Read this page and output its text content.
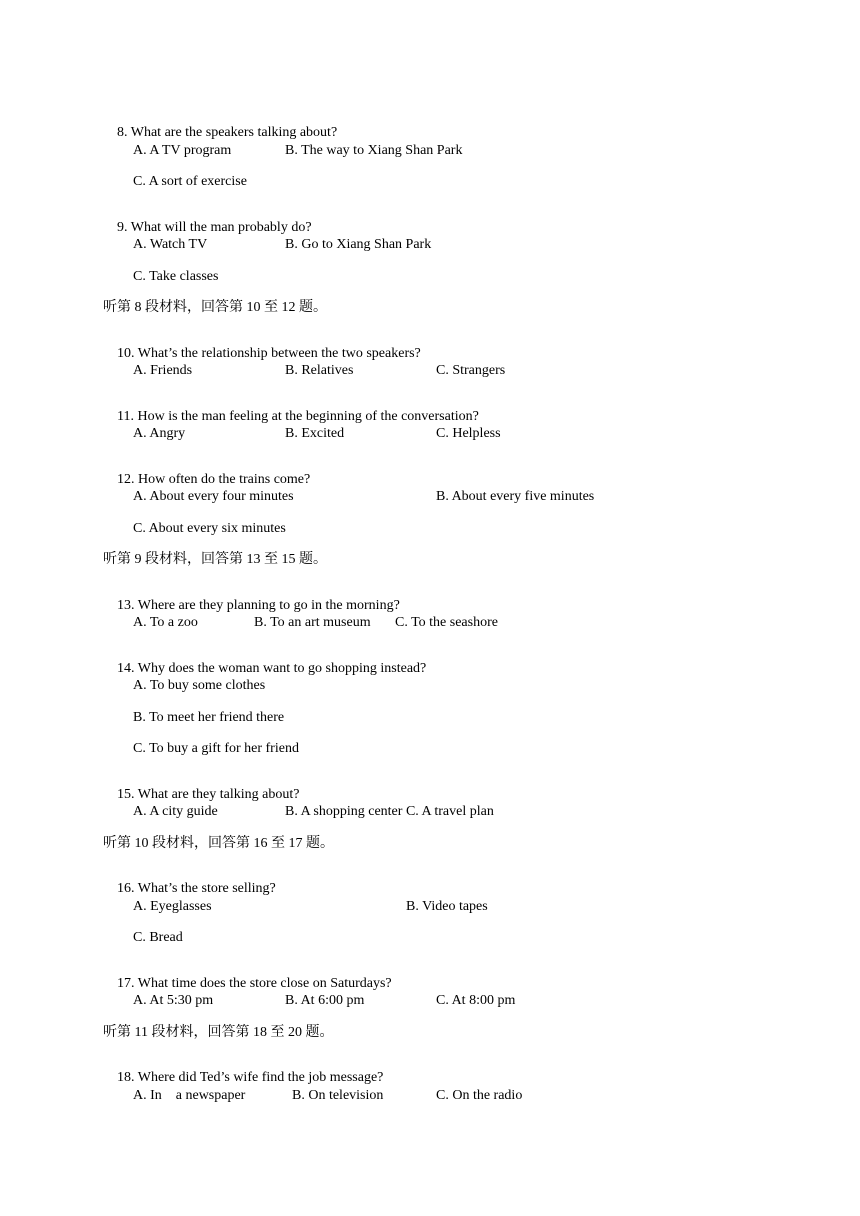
8. What are the speakers talking about?

A. A TV program	B. The way to Xiang Shan Park
C. A sort of exercise

9. What will the man probably do?

A. Watch TV	B. Go to Xiang Shan Park
C. Take classes
听第 8 段材料，回答第 10 至 12 题。

10. What’s the relationship between the two speakers?

A. Friends	B. Relatives	C. Strangers

11. How is the man feeling at the beginning of the conversation?

A. Angry	B. Excited	C. Helpless

12. How often do the trains come?

A. About every four minutes	B. About every five minutes
C. About every six minutes
听第 9 段材料，回答第 13 至 15 题。

13. Where are they planning to go in the morning?

A. To a zoo	B. To an art museum C. To the seashore

14. Why does the woman want to go shopping instead?

A. To buy some clothes
B. To meet her friend there
C. To buy a gift for her friend

15. What are they talking about?

A. A city guide	B. A shopping center C. A travel plan
听第 10 段材料，回答第 16 至 17 题。

16. What’s the store selling?

A. Eyeglasses	B. Video tapes
C. Bread

17. What time does the store close on Saturdays?

A. At 5:30 pm	B. At 6:00 pm	C. At 8:00 pm
听第 11 段材料，回答第 18 至 20 题。

18. Where did Ted’s wife find the job message?

A. In    a newspaper	B. On television	C. On the radio
